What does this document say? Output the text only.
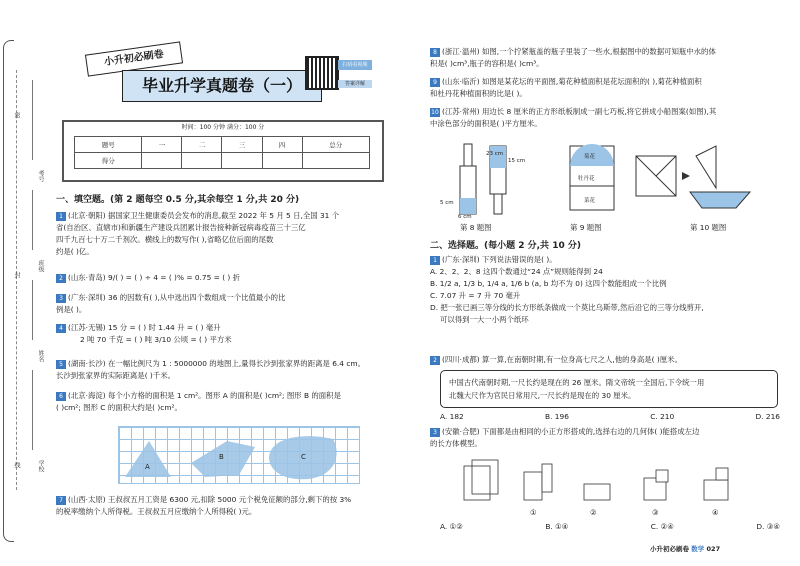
密
封
线
考号
班级
姓名
学校
小升初必刷卷
毕业升学真题卷（一）
扫码看视频
答案详解
时间：100 分钟 满分：100 分
题号	一	二	三	四	总分
得分					
一、填空题。(第 2 题每空 0.5 分,其余每空 1 分,共 20 分)
1 (北京·朝阳) 据国家卫生健康委员会发布的消息,截至 2022 年 5 月 5 日,全国 31 个
省(自治区、直辖市)和新疆生产建设兵团累计报告接种新冠病毒疫苗三十三亿
四千九百七十万二千剂次。横线上的数写作( ),省略亿位后面的尾数
约是( )亿。
2 (山东·青岛) 9/( ) = ( ) ÷ 4 = ( )% = 0.75 = ( ) 折
3 (广东·深圳) 36 的因数有( ),从中选出四个数组成一个比值最小的比
例是( )。
4 (江苏·无锡) 15 分 = ( ) 时 1.44 升 = ( ) 毫升
2 吨 70 千克 = ( ) 吨 3/10 公顷 = ( ) 平方米
5 (湖南·长沙) 在一幅比例尺为 1 : 5000000 的地图上,量得长沙到张家界的距离是 6.4 cm。
长沙到张家界的实际距离是( )千米。
6 (北京·海淀) 每个小方格的面积是 1 cm²。图形 A 的面积是( )cm²; 图形 B 的面积是
( )cm²; 图形 C 的面积大约是( )cm²。
A
B	C
7 (山西·太原) 王叔叔五月工资是 6300 元,扣除 5000 元个税免征额的部分,剩下的按 3%
的税率缴纳个人所得税。王叔叔五月应缴纳个人所得税( )元。
8 (浙江·温州) 如图,一个拧紧瓶盖的瓶子里装了一些水,根据图中的数据可知瓶中水的体
积是( )cm³,瓶子的容积是( )cm³。
9 (山东·临沂) 如图是某花坛的平面图,菊花种植面积是花坛面积的( ),菊花种植面积
和杜丹花种植面积的比是( )。
10 (江苏·常州) 用边长 8 厘米的正方形纸板制成一副七巧板,将它拼成小船图案(如图),其
中涂色部分的面积是( )平方厘米。
23 cm
15 cm
5 cm
6 cm
菊花
牡丹花
菜花
第 8 题图	第 9 题图	第 10 题图
二、选择题。(每小题 2 分,共 10 分)
1 (广东·深圳) 下列说法错误的是( )。
A. 2、2、2、8 这四个数通过“24 点”规则能得到 24
B. 1/2 a, 1/3 b, 1/4 a, 1/6 b (a, b 均不为 0) 这四个数能组成一个比例
C. 7.07 升 = 7 升 70 毫升
D. 把一张已画三等分线的长方形纸条做成一个莫比乌斯带,然后沿它的三等分线剪开,
可以得到一大一小两个纸环
2 (四川·成都) 算一算,在南朝时期,有一位身高七尺之人,他的身高是( )厘米。
中国古代南朝时期,一尺长约是现在的 26 厘米。隋文帝统一全国后,下令统一用
北魏大尺作为官民日常用尺,一尺长约是现在的 30 厘米。
A. 182	B. 196	C. 210	D. 216
3 (安徽·合肥) 下面都是由相同的小正方形搭成的,选择右边的几何体( )能搭成左边
的长方体模型。
①	②	③	④
A. ①②	B. ①④	C. ②④	D. ③④
小升初必刷卷 数学 027
